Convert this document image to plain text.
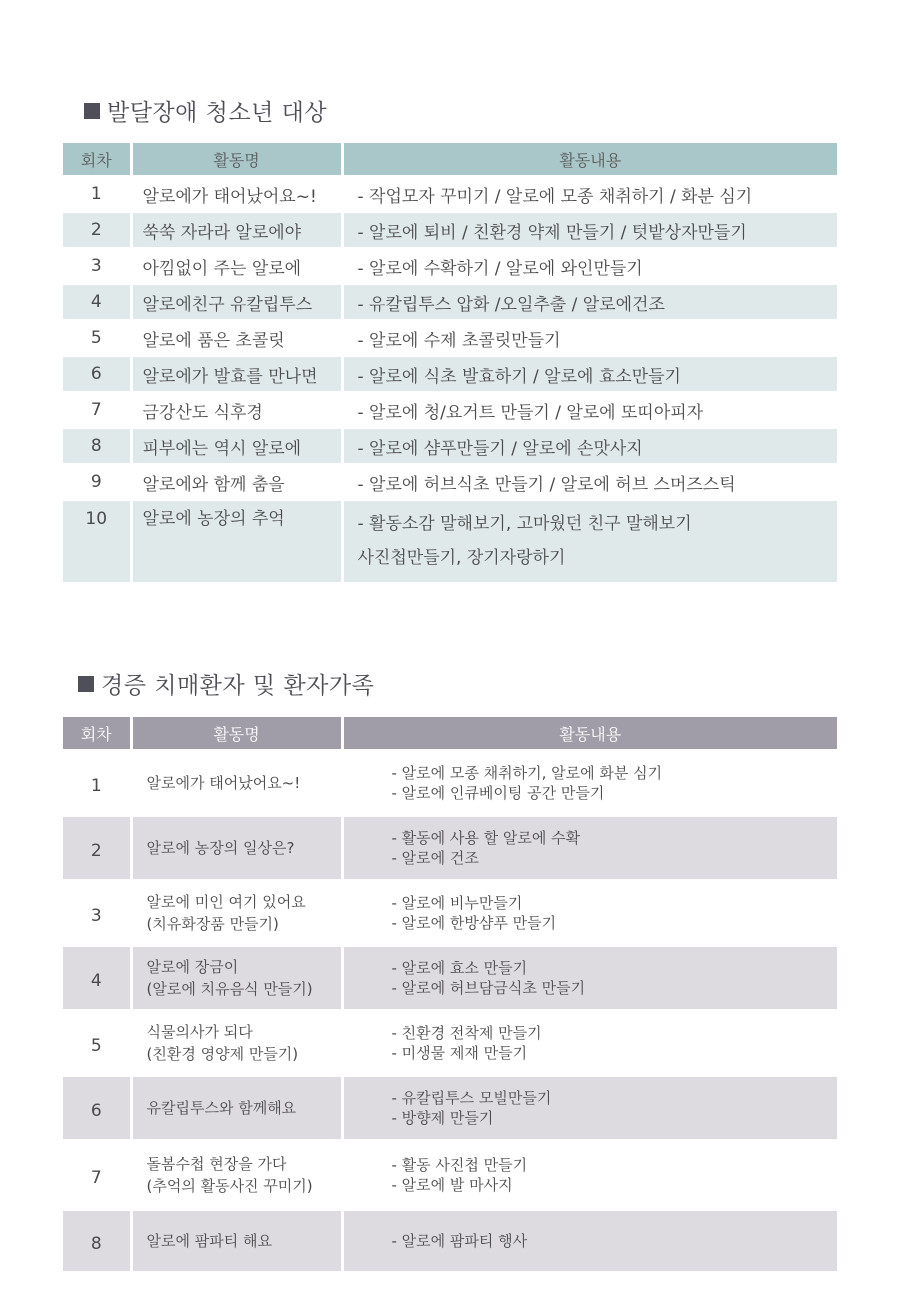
발달장애 청소년 대상
회차	활동명	활동내용
1	알로에가 태어났어요~!	- 작업모자 꾸미기 / 알로에 모종 채취하기 / 화분 심기
2	쑥쑥 자라라 알로에야	- 알로에 퇴비 / 친환경 약제 만들기 / 텃밭상자만들기
3	아낌없이 주는 알로에	- 알로에 수확하기 / 알로에 와인만들기
4	알로에친구 유칼립투스	- 유칼립투스 압화 /오일추출 / 알로에건조
5	알로에 품은 초콜릿	- 알로에 수제 초콜릿만들기
6	알로에가 발효를 만나면	- 알로에 식초 발효하기 / 알로에 효소만들기
7	금강산도 식후경	- 알로에 청/요거트 만들기 / 알로에 또띠아피자
8	피부에는 역시 알로에	- 알로에 샴푸만들기 / 알로에 손맛사지
9	알로에와 함께 춤을	- 알로에 허브식초 만들기 / 알로에 허브 스머즈스틱
10	알로에 농장의 추억	- 활동소감 말해보기, 고마웠던 친구 말해보기
사진첩만들기, 장기자랑하기
경증 치매환자 및 환자가족
회차	활동명	활동내용
1	알로에가 태어났어요~!	- 알로에 모종 채취하기, 알로에 화분 심기
- 알로에 인큐베이팅 공간 만들기
2	알로에 농장의 일상은?	- 활동에 사용 할 알로에 수확
- 알로에 건조
3	알로에 미인 여기 있어요
(치유화장품 만들기)	- 알로에 비누만들기
- 알로에 한방샴푸 만들기
4	알로에 장금이
(알로에 치유음식 만들기)	- 알로에 효소 만들기
- 알로에 허브담금식초 만들기
5	식물의사가 되다
(친환경 영양제 만들기)	- 친환경 전착제 만들기
- 미생물 제재 만들기
6	유칼립투스와 함께해요	- 유칼립투스 모빌만들기
- 방향제 만들기
7	돌봄수첩 현장을 가다
(추억의 활동사진 꾸미기)	- 활동 사진첩 만들기
- 알로에 발 마사지
8	알로에 팜파티 해요	- 알로에 팜파티 행사
